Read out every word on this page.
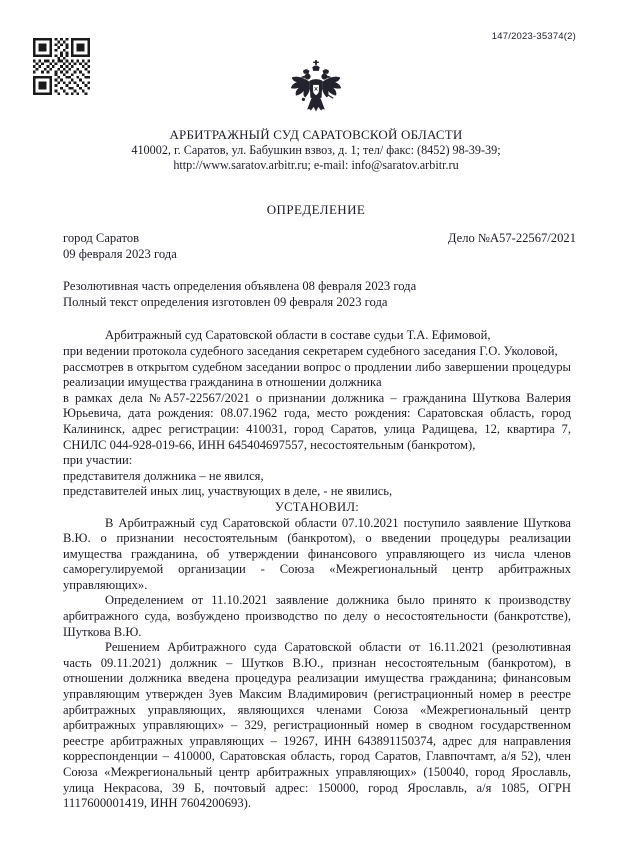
147/2023-35374(2)
АРБИТРАЖНЫЙ СУД САРАТОВСКОЙ ОБЛАСТИ
410002, г. Саратов, ул. Бабушкин взвоз, д. 1; тел/ факс: (8452) 98-39-39;
http://www.saratov.arbitr.ru; e-mail: info@saratov.arbitr.ru
ОПРЕДЕЛЕНИЕ
город Саратов
09 февраля 2023 года
Дело №А57-22567/2021
Резолютивная часть определения объявлена 08 февраля 2023 года
Полный текст определения изготовлен 09 февраля 2023 года

Арбитражный суд Саратовской области в составе судьи Т.А. Ефимовой,

при ведении протокола судебного заседания секретарем судебного заседания Г.О. Уколовой,

рассмотрев в открытом судебном заседании вопрос о продлении либо завершении процедуры реализации имущества гражданина в отношении должника

в рамках дела №А57-22567/2021 о признании должника – гражданина Шуткова Валерия Юрьевича, дата рождения: 08.07.1962 года, место рождения: Саратовская область, город Калининск, адрес регистрации: 410031, город Саратов, улица Радищева, 12, квартира 7, СНИЛС 044-928-019-66, ИНН 645404697557, несостоятельным (банкротом),

при участии:

представителя должника – не явился,

представителей иных лиц, участвующих в деле, - не явились,

УСТАНОВИЛ:

В Арбитражный суд Саратовской области 07.10.2021 поступило заявление Шуткова В.Ю. о признании несостоятельным (банкротом), о введении процедуры реализации имущества гражданина, об утверждении финансового управляющего из числа членов саморегулируемой организации - Союза «Межрегиональный центр арбитражных управляющих».

Определением от 11.10.2021 заявление должника было принято к производству арбитражного суда, возбуждено производство по делу о несостоятельности (банкротстве), Шуткова В.Ю.

Решением Арбитражного суда Саратовской области от 16.11.2021 (резолютивная часть 09.11.2021) должник – Шутков В.Ю., признан несостоятельным (банкротом), в отношении должника введена процедура реализации имущества гражданина; финансовым управляющим утвержден Зуев Максим Владимирович (регистрационный номер в реестре арбитражных управляющих, являющихся членами Союза «Межрегиональный центр арбитражных управляющих» – 329, регистрационный номер в сводном государственном реестре арбитражных управляющих – 19267, ИНН 643891150374, адрес для направления корреспонденции – 410000, Саратовская область, город Саратов, Главпочтамт, а/я 52), член Союза «Межрегиональный центр арбитражных управляющих» (150040, город Ярославль, улица Некрасова, 39 Б, почтовый адрес: 150000, город Ярославль, а/я 1085, ОГРН 1117600001419, ИНН 7604200693).
